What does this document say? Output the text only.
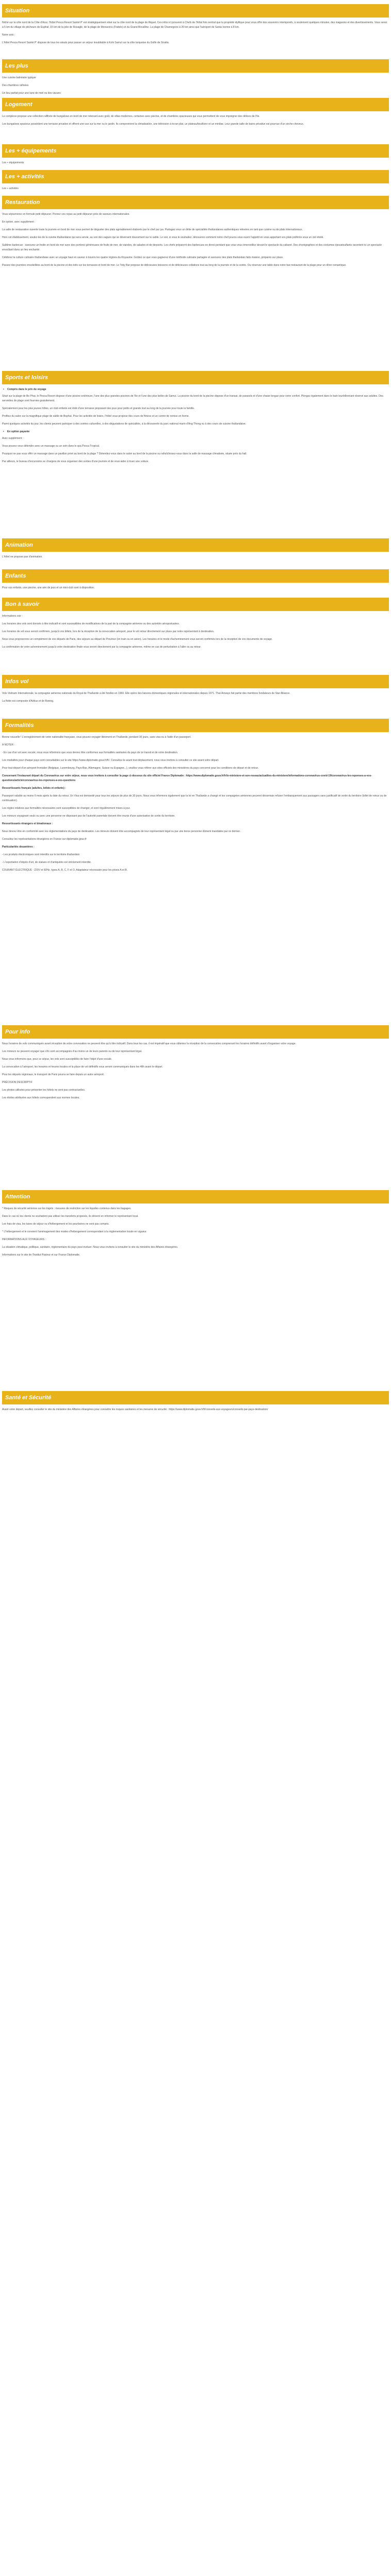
Situation
Niché sur la côte nord de la Côte d'Azur, l'hôtel Pesca Resort Sainté P' est stratégiquement situé sur la côte nord de la plage de Riquet. Ces infos ici prouvent à Chefs de l'hôtel fois central que la propriété idyllique pour vous offrir des souvenirs intemporels, à seulement quelques minutes, des magasins et des divertissements. Vous serez à 5 km du village de pêcheurs de Euphal, 15 km de la jolie de Rosaglé, de la plage de Monavons (Fratelo) et du Grand Bovalline. La plage de Chamegone à 20 km ainsi que l'aéroport de Santa Ivonne à 8 km.
Notre avis :
L'hôtel Pesca Resort Sainté P' dispose de tous les atouts pour passer un séjour inoubliable à Kohi Samuï sur la côte turquoise du Golfe de Stratta.
Les plus
Une cuisine balnéaire typique
Des chambres rafinées
Un lieu parfait pour une lune de miel ou des vacanc
Logement
Le complexe propose une collection raffinée de bungalows en bord de mer retenant avec goût, de villas modernes, certaines avec piscine, et de chambres spacieuses qui vous permettent de vous imprégner des délices de l'île.
Les bungalows spacieux possèdent une terrasse privative et offrent une vue sur la mer ou le jardin. Ils comprennent la climatisation, une télévision à écran plat, un plateau/bouilloire et un minibar. Leur grande salle de bains privative est pourvue d'un sèche-cheveux.
Les + équipements
Les + équipements
Les + activités
Les + activités
Restauration
Vous séjournerez en formule petit déjeuner. Prenez vos repas au petit déjeuner près de saveurs internationales.
En option, avec supplément :
La salle de restauration ouverte toute la journée en bord de mer vous permet de déguster des plats agréablement élaborés par le chef pur jus. Partagez vous un délie de spécialités thaïlandaises authentiques relevées en tant que cuisine ou de plats internationaux.
Hors cet établissement, soulez-les de la cuisine thaïlandaise qui sera servie, au son des vagues qui se déversent doucement sur le sable. Le soir, si vous le souhaitez, découvrez comment notre chef pourra vous ouvrir l'appétit en vous apportant vos plats préférés sous un ciel étoilé.
Sublime barbecue : savourez un festin en bord de mer avec des portions généreuses de fruits de mer, de viandes, de salades et de desserts. Les chefs préparent des barbecues en direct pendant que vous vous émerveillez devant le spectacle du cabaret. Des chorégraphies et des costumes époustouflants racontent ici un spectacle envoûtant dans un lieu enchanté.
Célébrez la culture culinaire thaïlandaise avec un voyage haut en saveur à travers les quatre régions du Royaume. Goûtez ce que vous gagnerez d'une méthode culinaire partagée et savourez des plats thaïlandais faits maison, préparés sur place.
Passez des journées ensoleillées au bord de la piscine et des toits sur les terrasses et bord de mer. Le Toky Bar propose de délicieuses boissons et de délicieuses collations tout au long de la journée et de la soirée. Ou réservez une table dans notre bar-restaurant de la plage pour un dîner romantique.
Sports et loisirs
• Compris dans le prix du voyage
Situé sur la plage de Bo Phut, le Pesca Resort dispose d'une piscine extérieure, l'une des plus grandes piscines de l'ile et l'une des plus belles de Samuï. La piscine du bord de la piscine dispose d'un transat, de parasols et d'une chaise longue pour votre confort. Plongez également dans le bain tourbillonnant réservé aux adultes. Des serviettes de plage sont fournies gratuitement.
Spécialement pour les plus jeunes hôtes, un club enfants est doté d'une terrasse proposant des jeux pour petits et grands tout au long de la journée pour toute la famille.
Profitez du salon sur la magnifique plage de sable de Bophut. Pour les activités de loisirs, l'hôtel vous propose des cours de fitness et un centre de remise en forme.
Parmi quelques activités du jour, les clients peuvent participer à des soirées culturelles, à des dégustations de spécialités, à la découverte du parc national marin d'Ang Thong ou à des cours de cuisine thaïlandaise.
• En option payante
Avec supplément :
Vous pouvez vous détendre avec un massage ou un soin dans le spa Pesca Tropical.
Pourquoi ne pas vous offrir un massage dans un pavillon privé au bord de la plage ? Détendez-vous dans le salon au bord de la piscine ou rafraîchissez-vous dans la salle de massage climatisée, située près du hall.
Par ailleurs, le bureau d'excursions se chargera de vous organiser des sorties d'une journée et de vous aider à louer une voiture.
Animation
L'hôtel ne propose pas d'animation.
Enfants
Pour vos enfants, une piscine, une aire de jeux et un mini-club sont à disposition.
Bon à savoir
Informations voir :
Les horaires des vols sont donnés à titre indicatif et sont susceptibles de modifications de la part de la compagnie aérienne ou des autorités aéroportuaires.
Les horaires de vol vous seront confirmés, jusqu'à vos billets, lors de la réception de la convocation aéroport, pour le vol retour directement sur place par notre représentant à destination.
Nous vous proposerons un complément de vos départs de Paris, des séjours au départ de Province (en train ou en avion). Les horaires et le mode d'acheminement vous seront confirmés lors de la réception de vos documents de voyage.
La confirmation de votre acheminement jusqu'à votre destination finale vous seront directement par la compagnie aérienne, même en cas de perturbation à l'aller ou au retour.
Infos vol
Vols Vietnam Internationale, la compagnie aérienne nationale du Royal de Thaïlande a été fondée en 1960. Elle opère des liaisons domestiques régionales et internationales depuis 1971. Thaï Airways fait partie des membres fondateurs de Star Alliance.
La flotte est composée d'Airbus et de Boeing.
Formalités
Bonne nouvelle ! L'enregistrement de votre nationalité française, vous pouvez voyager librement en Thaïlande, pendant 30 jours, sans visa ou à l'aide d'un passeport.
A NOTER :
- En cas d'un vol avec escale, nous vous informons que vous devrez être conformes aux formalités sanitaires du pays de ce transit et de votre destination.
Les modalités pour chaque pays sont consultables sur le site https://www.diplomatie.gouv.fr/fr/. Consultez-le avant tout déplacement, nous vous invitons à consulter ce site avant votre départ.
Pour tout départ d'un aéroport frontalier (Belgique, Luxembourg, Pays-Bas, Allemagne, Suisse ou Espagne...), veuillez vous référer aux sites officiels des ministères du pays concerné pour les conditions de départ et de retour.
Concernant l'instaurant départ du Coronavirus sur votre séjour, nous vous invitons à consulter la page ci-dessous du site officiel France Diplomatie : https://www.diplomatie.gouv.fr/fr/le-ministere-et-son-reseau/actualites-du-ministere/informations-coronavirus-covid-19/coronavirus-les-reponses-a-vos-questions/article/coronavirus-les-reponses-a-vos-questions
Ressortissants français (adultes, bébés et enfants) :
Passeport valable au moins 6 mois après la date du retour. Un Visa est demandé pour tous les séjours de plus de 30 jours. Nous vous informons également que la loi en Thaïlande a changé et les compagnies aériennes peuvent désormais refuser l'embarquement aux passagers sans justificatif de sortie du territoire (billet de retour ou de continuation).
Les règles relatives aux formalités nécessaires sont susceptibles de changer, et sont régulièrement mises à jour.
Les mineurs voyageant seuls ou avec une personne ne disposant pas de l'autorité parentale doivent être munis d'une autorisation de sortie du territoire.
Ressortissants étrangers et binationaux :
Nous devrez être en conformité avec les réglementations du pays de destination. Les mineurs doivent être accompagnés de leur représentant légal ou par une tierce personne dûment mandatée par ce dernier.
Consultez les représentations étrangères en France sur diplomatie.gouv.fr
Particularités douanières :
- Les produits électroniques sont interdits sur le territoire thaïlandais
- L'exportation d'objets d'art, de statues et d'antiquités est strictement interdite.
COURANT ÉLECTRIQUE : 220V et 50Hz, types A, B, C, F et O. Adaptateur nécessaire pour les prises A et B.
Pour info
Nous horaires de vols communiqués avant réception de votre convocation ne peuvent être qu'à titre indicatif. Dans tous les cas, il est impératif que vous obteniez la réception de la convocation comprenant les horaires définitifs avant d'organiser votre voyage.
Les mineurs ne peuvent voyager que s'ils sont accompagnés d'au moins un de leurs parents ou de leur représentant légal.
Nous vous informons que, pour ce séjour, les vols sont susceptibles de faire l'objet d'une escale.
La convocation à l'aéroport, les horaires et heures locales et la place de vol définitifs vous seront communiqués dans les 48h avant le départ.
Pour les départs régionaux, le transport de Paris pourra se faire depuis un autre aéroport.
PRÉCISION DESCRIPTIF
Les photos utilisées pour présenter les hôtels ne sont pas contractuelles.
Les étoiles attribuées aux hôtels correspondent aux normes locales.
Attention
* Risques de sécurité aérienne sur les trajets : mesures de restriction sur les liquides contenus dans les bagages.
Dans le cas où les clients ne souhaitent pas utiliser les transferts proposés, ils doivent en informer le représentant local.
Les frais de visa, les taxes de séjour ou d'hébergement et les pourboires ne sont pas compris.
* L'hébergement et le convient l'aménagement des modes d'hébergement correspondant à la réglementation locale en vigueur.
INFORMATIONS AUX VOYAGEURS :
La situation climatique, politique, sanitaire, règlementaire du pays peut évoluer. Nous vous invitons à consulter le site du ministère des Affaires étrangères.
Informations sur le site de l'Institut Pasteur et sur France Diplomatie.
Santé et Sécurité
Avant votre départ, veuillez consulter le site du ministère des Affaires étrangères pour connaître les risques sanitaires et les mesures de sécurité : https://www.diplomatie.gouv.fr/fr/conseils-aux-voyageurs/conseils-par-pays-destination/
